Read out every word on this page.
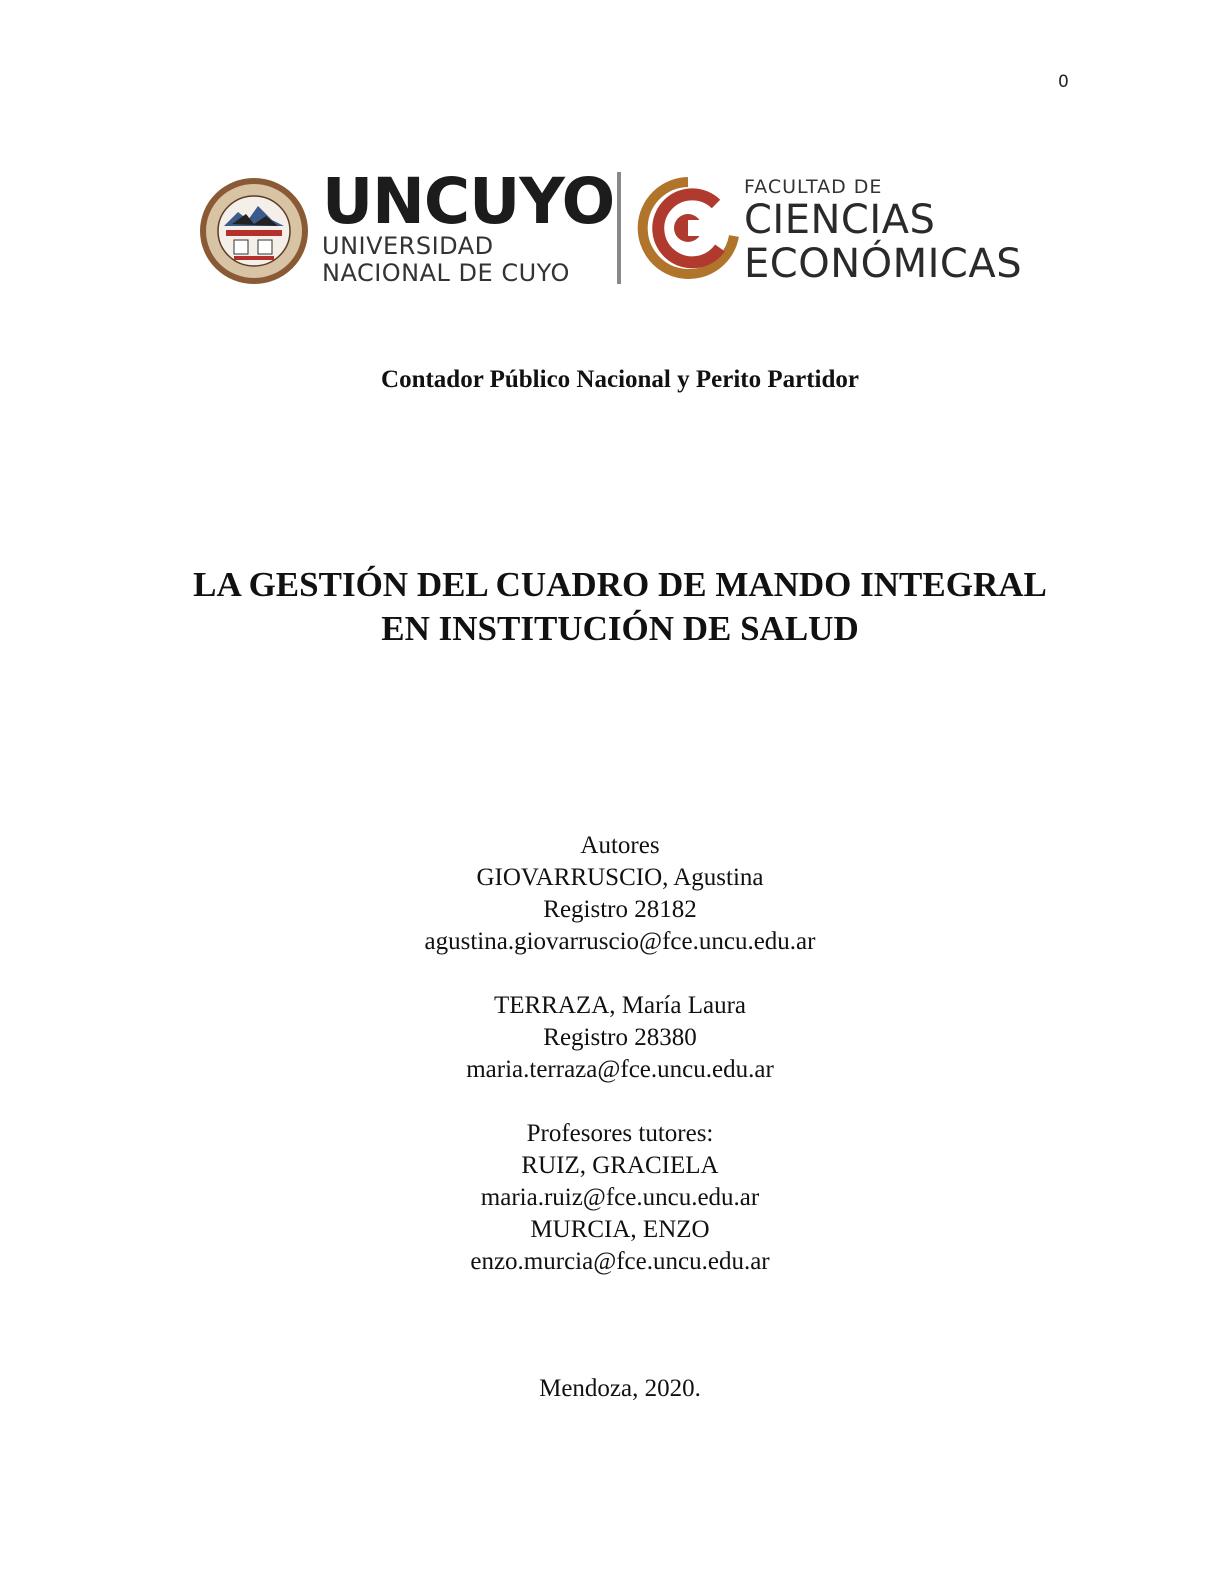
0
UNCUYO
UNIVERSIDAD
NACIONAL DE CUYO
FACULTAD DE
CIENCIAS
ECONÓMICAS
Contador Público Nacional y Perito Partidor
LA GESTIÓN DEL CUADRO DE MANDO INTEGRAL
EN INSTITUCIÓN DE SALUD
Autores
GIOVARRUSCIO, Agustina
Registro 28182
agustina.giovarruscio@fce.uncu.edu.ar
TERRAZA, María Laura
Registro 28380
maria.terraza@fce.uncu.edu.ar
Profesores tutores:
RUIZ, GRACIELA
maria.ruiz@fce.uncu.edu.ar
MURCIA, ENZO
enzo.murcia@fce.uncu.edu.ar
Mendoza, 2020.
